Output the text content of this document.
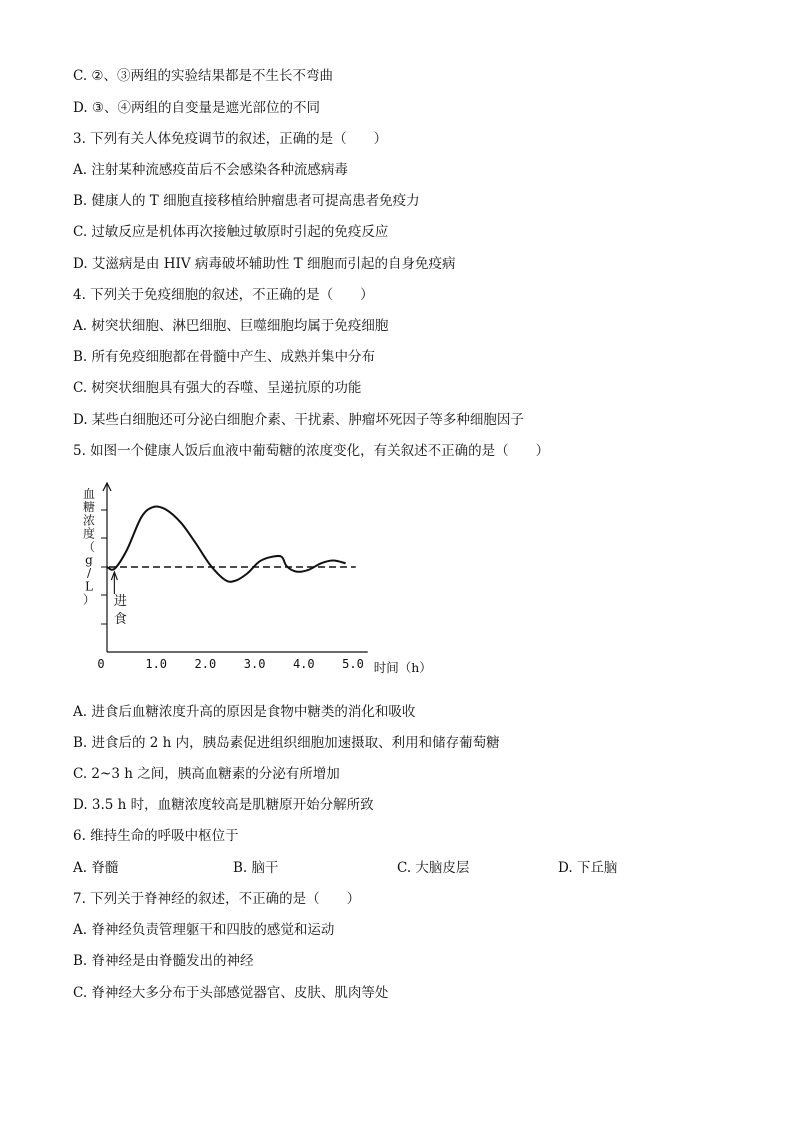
C. ②、③两组的实验结果都是不生长不弯曲
D. ③、④两组的自变量是遮光部位的不同
3. 下列有关人体免疫调节的叙述，正确的是（　　）
A. 注射某种流感疫苗后不会感染各种流感病毒
B. 健康人的 T 细胞直接移植给肿瘤患者可提高患者免疫力
C. 过敏反应是机体再次接触过敏原时引起的免疫反应
D. 艾滋病是由 HIV 病毒破坏辅助性 T 细胞而引起的自身免疫病
4. 下列关于免疫细胞的叙述，不正确的是（　　）
A. 树突状细胞、淋巴细胞、巨噬细胞均属于免疫细胞
B. 所有免疫细胞都在骨髓中产生、成熟并集中分布
C. 树突状细胞具有强大的吞噬、呈递抗原的功能
D. 某些白细胞还可分泌白细胞介素、干扰素、肿瘤坏死因子等多种细胞因子
5. 如图一个健康人饭后血液中葡萄糖的浓度变化，有关叙述不正确的是（　　）
0	1.0 2.0 3.0 4.0 5.0
进
食
血
糖
浓
度
（
g
/
L
）
时间（h）
A. 进食后血糖浓度升高的原因是食物中糖类的消化和吸收
B. 进食后的 2 h 内，胰岛素促进组织细胞加速摄取、利用和储存葡萄糖
C. 2~3 h 之间，胰高血糖素的分泌有所增加
D. 3.5 h 时，血糖浓度较高是肌糖原开始分解所致
6. 维持生命的呼吸中枢位于
A. 脊髓	B. 脑干	C. 大脑皮层	D. 下丘脑
7. 下列关于脊神经的叙述，不正确的是（　　）
A. 脊神经负责管理躯干和四肢的感觉和运动
B. 脊神经是由脊髓发出的神经
C. 脊神经大多分布于头部感觉器官、皮肤、肌肉等处
